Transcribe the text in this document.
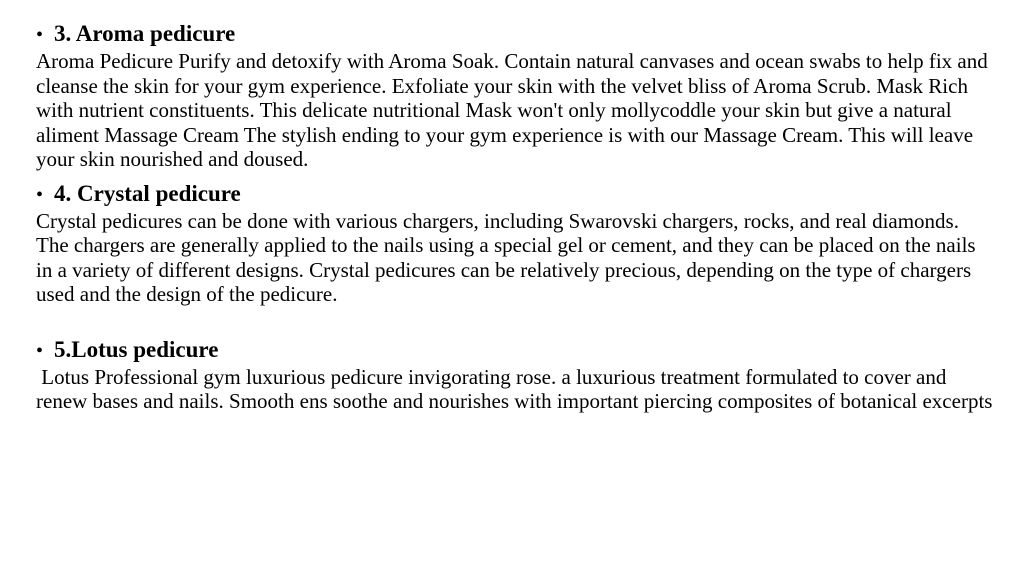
• 3. Aroma pedicure

Aroma Pedicure Purify and detoxify with Aroma Soak. Contain natural canvases and ocean swabs to help fix and cleanse the skin for your gym experience. Exfoliate your skin with the velvet bliss of Aroma Scrub. Mask Rich with nutrient constituents. This delicate nutritional Mask won't only mollycoddle your skin but give a natural aliment Massage Cream The stylish ending to your gym experience is with our Massage Cream. This will leave your skin nourished and doused.

• 4. Crystal pedicure

Crystal pedicures can be done with various chargers, including Swarovski chargers, rocks, and real diamonds. The chargers are generally applied to the nails using a special gel or cement, and they can be placed on the nails in a variety of different designs. Crystal pedicures can be relatively precious, depending on the type of chargers used and the design of the pedicure.

• 5.Lotus pedicure

Lotus Professional gym luxurious pedicure invigorating rose. a luxurious treatment formulated to cover and renew bases and nails. Smooth ens soothe and nourishes with important piercing composites of botanical excerpts
